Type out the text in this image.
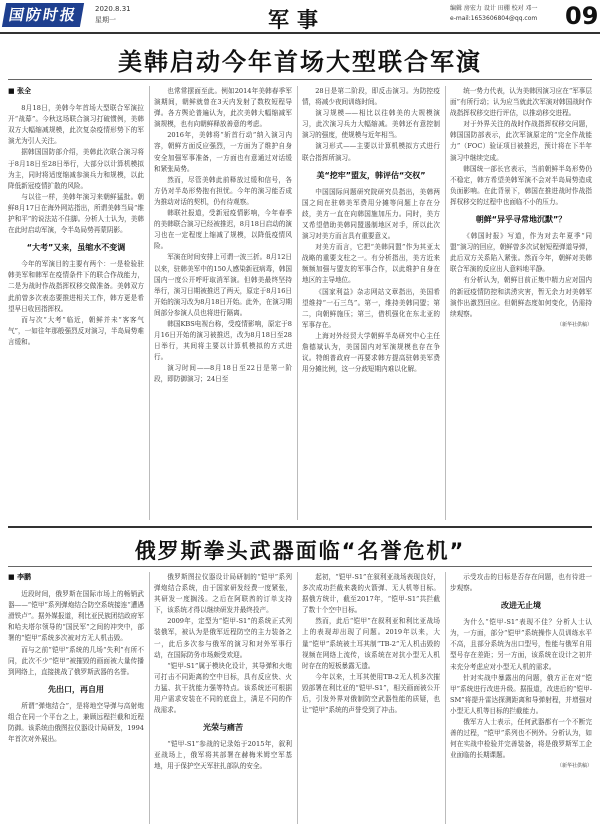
国防时报	2020.8.31
星期一	军事	编辑 房宏力 设计 田棚 校对 邓一
e-mail:1653606804@qq.com	09
美韩启动今年首场大型联合军演

■ 张全

8月18日，美韩今年首场大型联合军演拉开“战幕”。今秋这场联合演习打破惯例，美韩双方大幅缩减规模，此次复杂疫情形势下的军演尤为引人关注。

据韩国国防部介绍，美韩此次联合演习将于8月18日至28日举行，大部分以计算机模拟为主，同时将适度缩减参演兵力和规模，以此降低新冠疫情扩散的风险。

与以往一样，美韩年演习来朝鲜猛批。朝鲜8月17日在海外网站指出，所谓美韩当局“维护和平”的说法站不住脚。分析人士认为，美韩在此时启动军演，令半岛局势再蒙阴影。

“大考”又来，虽缩水不变调

今年的军演目的主要有两个：一是检验驻韩美军和韩军在疫情条件下的联合作战能力，二是为战时作战指挥权移交做准备。美韩双方此前曾多次表态要推进相关工作，韩方更是希望早日收回指挥权。

而与次“大考”临近，朝鲜并未“客客气气”，一如往年那般强烈反对演习，半岛局势难言缓和。

也常常摆面至此。例如2014年美韩春季军演期间，朝鲜就曾在3天内发射了数枚短程导弹。各方舆论普遍认为，此次美韩大幅缩减军演规模，也有向朝鲜释放善意的考虑。

2016年，美韩将“斩首行动”纳入演习内容，朝鲜方面反应强烈，一方面为了维护自身安全加强军事准备，一方面也有意通过对话缓和紧张局势。

然而，尽管美韩此前释放过缓和信号，各方仍对半岛形势抱有担忧。今年的演习能否成为推动对话的契机，仍有待观察。

韩联社报道，受新冠疫情影响，今年春季的美韩联合演习已经被推迟，8月18日启动的演习也在一定程度上缩减了规模，以降低疫情风险。

军演在时间安排上可谓一波三折。8月12日以来，驻韩美军中的150人感染新冠病毒，韩国国内一度公开呼吁取消军演。但韩美最终坚持举行，演习日期被推迟了两天，原定于8月16日开始的演习改为8月18日开始。此外，在演习期间部分参演人员也将进行隔离。

韩国KBS电视台称，受疫情影响，原定于8月16日开始的演习被推迟，改为8月18日至28日举行，其间将主要以计算机模拟的方式进行。

演习时间——8月18日至22日是第一阶段，即防御演习；24日至

28日是第二阶段，即反击演习。为防控疫情，将减少夜间训练时间。

演习规模——相比以往韩美的大规模演习，此次演习兵力大幅缩减。美韩还有意控制演习的强度，使规模与近年相当。

演习形式——主要以计算机模拟方式进行联合指挥所演习。

美“挖牢”盟友，韩评估“交权”

中国国际问题研究院研究员指出，美韩两国之间在驻韩美军费用分摊等问题上存在分歧，美方一直在向韩国施加压力。同时，美方又希望借助美韩同盟遏制地区对手，所以此次演习对美方而言具有重要意义。

对美方而言，它把“美韩同盟”作为其亚太战略的重要支柱之一。有分析指出，美方近来频频加强与盟友的军事合作，以此维护自身在地区的主导地位。

《国家利益》杂志网站文章指出，美国希望维持“一石三鸟”。第一，维持美韩同盟；第二，向朝鲜施压；第三，借机强化在东北亚的军事存在。

上海对外经贸大学朝鲜半岛研究中心主任詹德斌认为，美国国内对军演规模也存在争议。特朗普政府一再要求韩方提高驻韩美军费用分摊比例，这一分歧短期内难以化解。

统一势力代表，认为美韩因演习应在“军事层面”有所行动；认为应当就此次军演对韩国战时作战指挥权移交进行评估，以推动移交进程。

对于外界关注的战时作战指挥权移交问题，韩国国防部表示，此次军演原定的“完全作战能力”（FOC）验证项目被推迟，预计将在下半年演习中继续完成。

韩国统一部长官表示，当前朝鲜半岛形势仍不稳定，韩方希望美韩军演不会对半岛局势造成负面影响。在此背景下，韩国在推进战时作战指挥权移交的过程中也面临不小的压力。

朝鲜“异乎寻常地沉默”？

《韩国时报》写道，作为对去年夏季“同盟”演习的回应，朝鲜曾多次试射短程弹道导弹，此后双方关系陷入紧张。然而今年，朝鲜对美韩联合军演的反应出人意料地平静。

有分析认为，朝鲜目前正集中精力应对国内的新冠疫情防控和洪涝灾害，暂无余力对美韩军演作出激烈回应。但朝鲜态度如何变化，仍需持续观察。

（新华社供稿）

俄罗斯拳头武器面临“名誉危机”

■ 李鹏

近段时间，俄罗斯在国际市场上的畅销武器——“铠甲”系列弹炮结合防空系统接连“遭遇滑铁卢”。据外媒报道，利比亚民族团结政府军和哈夫塔尔领导的“国民军”之间的冲突中，部署的“铠甲”系统多次被对方无人机击毁。

而与之前“铠甲”系统的几场“失利”有所不同，此次不少“铠甲”被摧毁的画面被大量传播到网络上，直接挑战了俄罗斯武器的名誉。

先出口，再自用

所谓“弹炮结合”，是将地空导弹与高射炮组合在同一个平台之上，兼顾远程拦截和近程防御。该系统由俄图拉仪器设计局研发，1994年首次对外展出。

俄罗斯图拉仪器设计局研制的“铠甲”系列弹炮结合系统，由于国家研发经费一度紧张，其研发一度搁浅。之后在阿联酋的订单支持下，该系统才得以继续研发并最终投产。

2009年，定型为“铠甲-S1”的系统正式列装俄军，被认为是俄军近程防空的主力装备之一，此后多次参与俄军的演习和对外军事行动，在国际防务市场颇受欢迎。

“铠甲-S1”属于模块化设计，其导弹和火炮可打击不同距离的空中目标，具有反应快、火力猛、抗干扰能力强等特点。该系统还可根据用户需求安装在不同的底盘上，满足不同的作战需求。

光荣与痛苦

“铠甲-S1”参战的记录始于2015年，叙利亚战场上，俄军将其部署在赫梅米姆空军基地，用于保护空天军驻扎部队的安全。

起初，“铠甲-S1”在叙利亚战场表现良好，多次成功拦截来袭的火箭弹、无人机等目标。据俄方统计，截至2017年，“铠甲-S1”共拦截了数十个空中目标。

然而，此后“铠甲”在叙利亚和利比亚战场上的表现却出现了问题。2019年以来，大量“铠甲”系统被土耳其制“TB-2”无人机击毁的视频在网络上流传，该系统在对抗小型无人机时存在的短板暴露无遗。

今年以来，土耳其使用TB-2无人机多次摧毁部署在利比亚的“铠甲-S1”，相关画面被公开后，引发外界对俄制防空武器性能的质疑，也让“铠甲”系统的声誉受到了冲击。

示受攻击的目标是否存在问题，也有待进一步观察。

改进无止境

为什么“铠甲-S1”表现不佳？分析人士认为，一方面，部分“铠甲”系统操作人员训练水平不高，且部分系统为出口型号，性能与俄军自用型号存在差距；另一方面，该系统在设计之初并未充分考虑应对小型无人机的需求。

针对实战中暴露出的问题，俄方正在对“铠甲”系统进行改进升级。据报道，改进后的“铠甲-SM”将提升雷达探测距离和导弹射程，并增强对小型无人机等目标的拦截能力。

俄军方人士表示，任何武器都有一个不断完善的过程，“铠甲”系列也不例外。分析认为，如何在实战中检验并完善装备，将是俄罗斯军工企业面临的长期课题。

（新华社供稿）
